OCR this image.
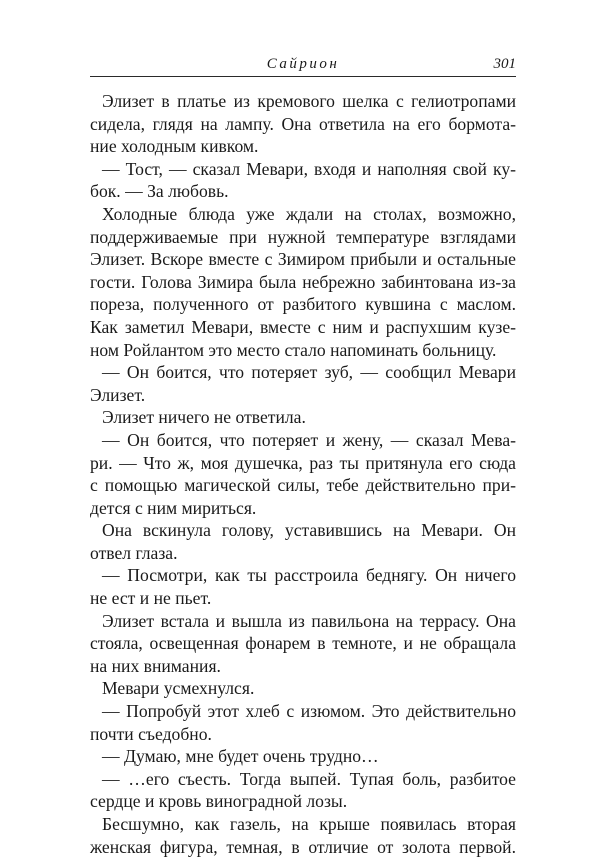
Сайрион	301
Элизет в платье из кремового шелка с гелиотропами
сидела, глядя на лампу. Она ответила на его бормота-
ние холодным кивком.
— Тост, — сказал Мевари, входя и наполняя свой ку-
бок. — За любовь.
Холодные блюда уже ждали на столах, возможно,
поддерживаемые при нужной температуре взглядами
Элизет. Вскоре вместе с Зимиром прибыли и остальные
гости. Голова Зимира была небрежно забинтована из-за
пореза, полученного от разбитого кувшина с маслом.
Как заметил Мевари, вместе с ним и распухшим кузе-
ном Ройлантом это место стало напоминать больницу.
— Он боится, что потеряет зуб, — сообщил Мевари
Элизет.
Элизет ничего не ответила.
— Он боится, что потеряет и жену, — сказал Мева-
ри. — Что ж, моя душечка, раз ты притянула его сюда
с помощью магической силы, тебе действительно при-
дется с ним мириться.
Она вскинула голову, уставившись на Мевари. Он
отвел глаза.
— Посмотри, как ты расстроила беднягу. Он ничего
не ест и не пьет.
Элизет встала и вышла из павильона на террасу. Она
стояла, освещенная фонарем в темноте, и не обращала
на них внимания.
Мевари усмехнулся.
— Попробуй этот хлеб с изюмом. Это действительно
почти съедобно.
— Думаю, мне будет очень трудно…
— …его съесть. Тогда выпей. Тупая боль, разбитое
сердце и кровь виноградной лозы.
Бесшумно, как газель, на крыше появилась вторая
женская фигура, темная, в отличие от золота первой.
